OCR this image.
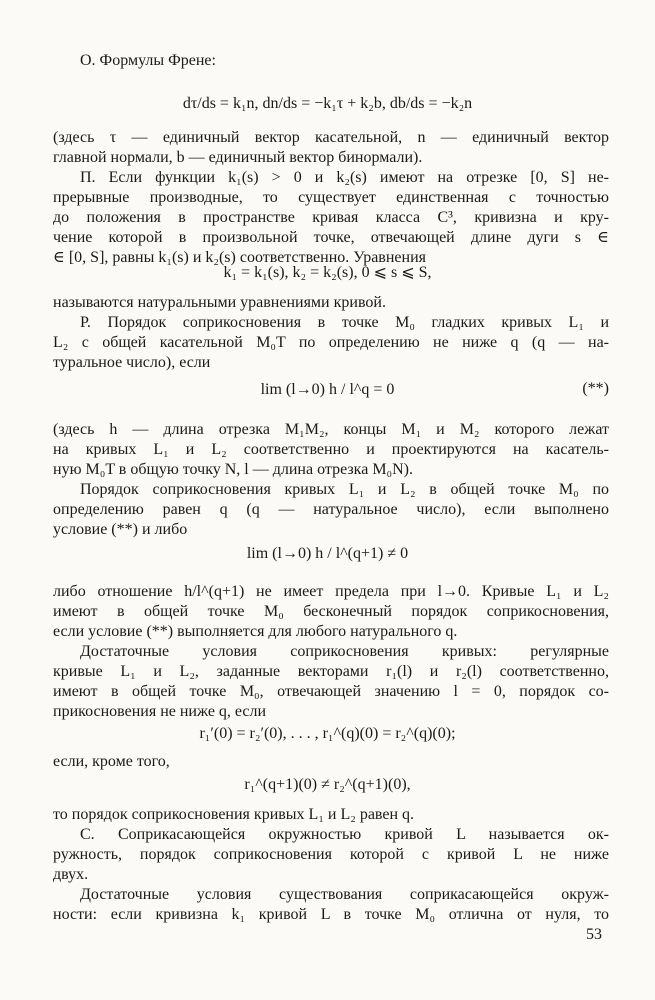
О. Формулы Френе:
dτ/ds = k₁n, dn/ds = −k₁τ + k₂b, db/ds = −k₂n
(здесь τ — единичный вектор касательной, n — единичный вектор
главной нормали, b — единичный вектор бинормали).
П. Если функции k₁(s) > 0 и k₂(s) имеют на отрезке [0, S] не-
прерывные производные, то существует единственная с точностью
до положения в пространстве кривая класса C³, кривизна и кру-
чение которой в произвольной точке, отвечающей длине дуги s ∈
∈ [0, S], равны k₁(s) и k₂(s) соответственно. Уравнения
k₁ = k₁(s), k₂ = k₂(s), 0 ⩽ s ⩽ S,
называются натуральными уравнениями кривой.
Р. Порядок соприкосновения в точке M₀ гладких кривых L₁ и
L₂ с общей касательной M₀T по определению не ниже q (q — на-
туральное число), если
lim (l→0) h / l^q = 0	(**)
(здесь h — длина отрезка M₁M₂, концы M₁ и M₂ которого лежат
на кривых L₁ и L₂ соответственно и проектируются на касатель-
ную M₀T в общую точку N, l — длина отрезка M₀N).
Порядок соприкосновения кривых L₁ и L₂ в общей точке M₀ по
определению равен q (q — натуральное число), если выполнено
условие (**) и либо
lim (l→0) h / l^(q+1) ≠ 0
либо отношение h/l^(q+1) не имеет предела при l→0. Кривые L₁ и L₂
имеют в общей точке M₀ бесконечный порядок соприкосновения,
если условие (**) выполняется для любого натурального q.
Достаточные условия соприкосновения кривых: регулярные
кривые L₁ и L₂, заданные векторами r₁(l) и r₂(l) соответственно,
имеют в общей точке M₀, отвечающей значению l = 0, порядок со-
прикосновения не ниже q, если
r₁′(0) = r₂′(0), . . . , r₁^(q)(0) = r₂^(q)(0);
если, кроме того,
r₁^(q+1)(0) ≠ r₂^(q+1)(0),
то порядок соприкосновения кривых L₁ и L₂ равен q.
С. Соприкасающейся окружностью кривой L называется ок-
ружность, порядок соприкосновения которой с кривой L не ниже
двух.
Достаточные условия существования соприкасающейся окруж-
ности: если кривизна k₁ кривой L в точке M₀ отлична от нуля, то
53
